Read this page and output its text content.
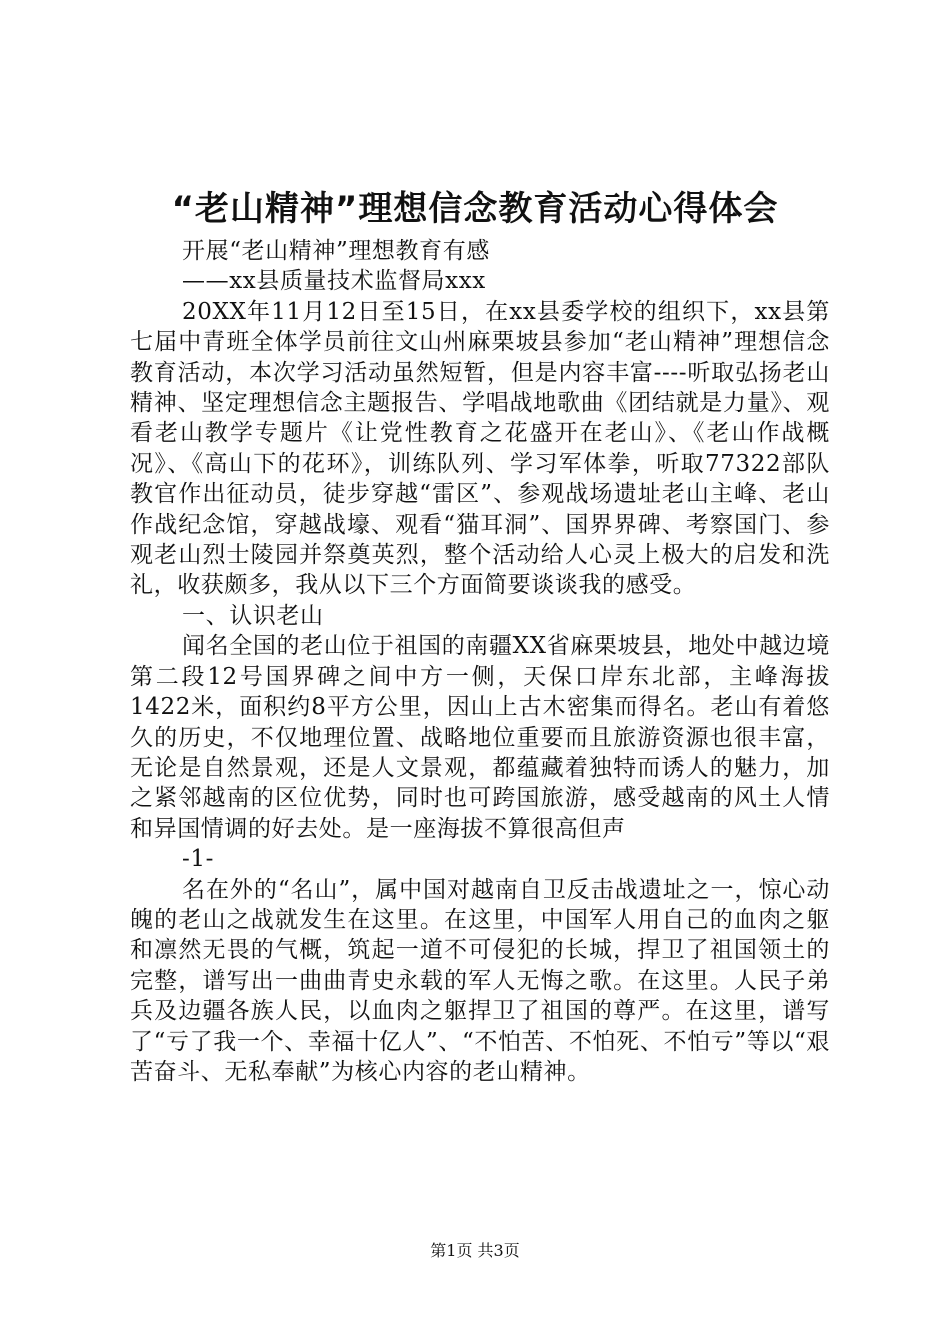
“老山精神”理想信念教育活动心得体会

开展“老山精神”理想教育有感

——xx县质量技术监督局xxx

20XX年11月12日至15日，在xx县委学校的组织下，xx县第七届中青班全体学员前往文山州麻栗坡县参加“老山精神”理想信念教育活动，本次学习活动虽然短暂，但是内容丰富----听取弘扬老山精神、坚定理想信念主题报告、学唱战地歌曲《团结就是力量》、观看老山教学专题片《让党性教育之花盛开在老山》、《老山作战概况》、《高山下的花环》，训练队列、学习军体拳，听取77322部队教官作出征动员，徒步穿越“雷区”、参观战场遗址老山主峰、老山作战纪念馆，穿越战壕、观看“猫耳洞”、国界界碑、考察国门、参观老山烈士陵园并祭奠英烈，整个活动给人心灵上极大的启发和洗礼，收获颇多，我从以下三个方面简要谈谈我的感受。

一、认识老山

闻名全国的老山位于祖国的南疆XX省麻栗坡县，地处中越边境第二段12号国界碑之间中方一侧，天保口岸东北部，主峰海拔1422米，面积约8平方公里，因山上古木密集而得名。老山有着悠久的历史，不仅地理位置、战略地位重要而且旅游资源也很丰富，无论是自然景观，还是人文景观，都蕴藏着独特而诱人的魅力，加之紧邻越南的区位优势，同时也可跨国旅游，感受越南的风土人情和异国情调的好去处。是一座海拔不算很高但声

-1-

名在外的“名山”，属中国对越南自卫反击战遗址之一，惊心动魄的老山之战就发生在这里。在这里，中国军人用自己的血肉之躯和凛然无畏的气概，筑起一道不可侵犯的长城，捍卫了祖国领土的完整，谱写出一曲曲青史永载的军人无悔之歌。在这里。人民子弟兵及边疆各族人民，以血肉之躯捍卫了祖国的尊严。在这里，谱写了“亏了我一个、幸福十亿人”、“不怕苦、不怕死、不怕亏”等以“艰苦奋斗、无私奉献”为核心内容的老山精神。

第1页 共3页
